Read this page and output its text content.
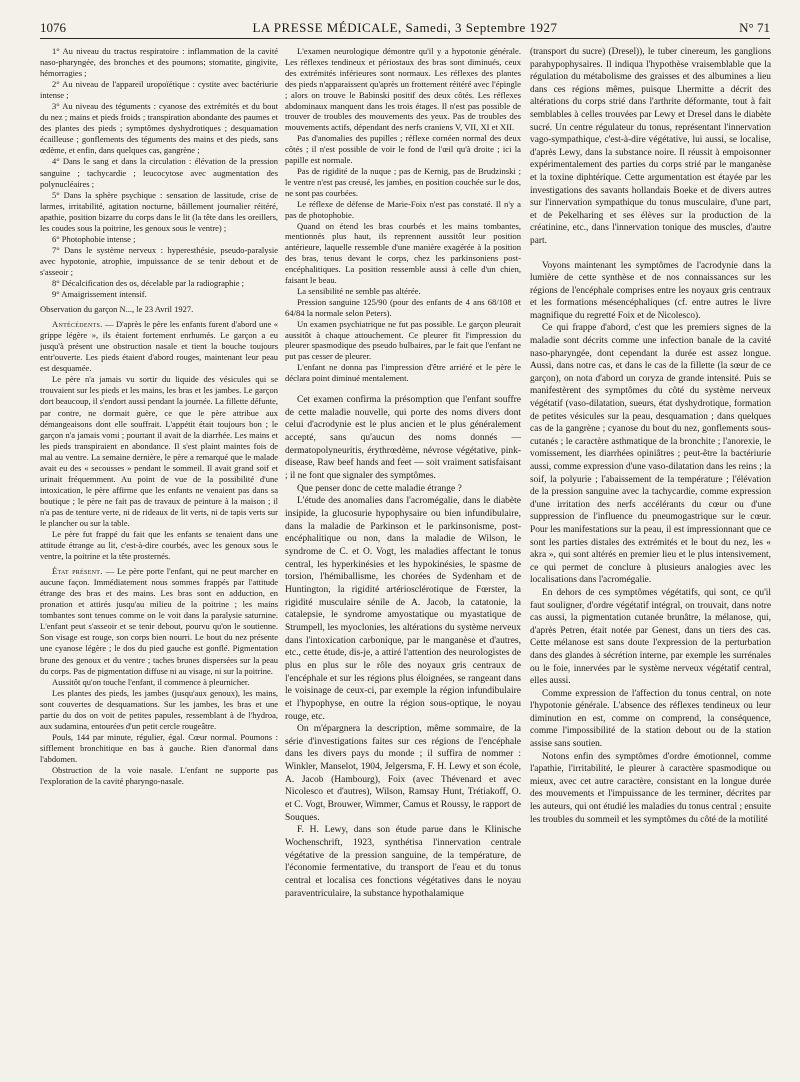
1076	LA PRESSE MÉDICALE, Samedi, 3 Septembre 1927	N° 71

1° Au niveau du tractus respiratoire : inflammation de la cavité naso-pharyngée, des bronches et des poumons; stomatite, gingivite, hémorragies ;

2° Au niveau de l'appareil uropoïétique : cystite avec bactériurie intense ;

3° Au niveau des téguments : cyanose des extrémités et du bout du nez ; mains et pieds froids ; transpiration abondante des paumes et des plantes des pieds ; symptômes dyshydrotiques ; desquamation écailleuse ; gonflements des téguments des mains et des pieds, sans œdème, et enfin, dans quelques cas, gangrène ;

4° Dans le sang et dans la circulation : élévation de la pression sanguine ; tachycardie ; leucocytose avec augmentation des polynucléaires ;

5° Dans la sphère psychique : sensation de lassitude, crise de larmes, irritabilité, agitation nocturne, bâillement journalier réitéré, apathie, position bizarre du corps dans le lit (la tête dans les oreillers, les coudes sous la poitrine, les genoux sous le ventre) ;

6° Photophobie intense ;

7° Dans le système nerveux : hyperesthésie, pseudo-paralysie avec hypotonie, atrophie, impuissance de se tenir debout et de s'asseoir ;

8° Décalcification des os, décelable par la radiographie ;

9° Amaigrissement intensif.

Observation du garçon N..., le 23 Avril 1927.

Antécédents. — D'après le père les enfants furent d'abord une « grippe légère », ils étaient fortement enrhumés. Le garçon a eu jusqu'à présent une obstruction nasale et tient la bouche toujours entr'ouverte. Les pieds étaient d'abord rouges, maintenant leur peau est desquamée.

Le père n'a jamais vu sortir du liquide des vésicules qui se trouvaient sur les pieds et les mains, les bras et les jambes. Le garçon dort beaucoup, il s'endort aussi pendant la journée. La fillette défunte, par contre, ne dormait guère, ce que le père attribue aux démangeaisons dont elle souffrait. L'appétit était toujours bon ; le garçon n'a jamais vomi ; pourtant il avait de la diarrhée. Les mains et les pieds transpiraient en abondance. Il s'est plaint maintes fois de mal au ventre. La semaine dernière, le père a remarqué que le malade avait eu des « secousses » pendant le sommeil. Il avait grand soif et urinait fréquemment. Au point de vue de la possibilité d'une intoxication, le père affirme que les enfants ne venaient pas dans sa boutique ; le père ne fait pas de travaux de peinture à la maison ; il n'a pas de tenture verte, ni de rideaux de lit verts, ni de tapis verts sur le plancher ou sur la table.

Le père fut frappé du fait que les enfants se tenaient dans une attitude étrange au lit, c'est-à-dire courbés, avec les genoux sous le ventre, la poitrine et la tête prosternés.

État présent. — Le père porte l'enfant, qui ne peut marcher en aucune façon. Immédiatement nous sommes frappés par l'attitude étrange des bras et des mains. Les bras sont en adduction, en pronation et attirés jusqu'au milieu de la poitrine ; les mains tombantes sont tenues comme on le voit dans la paralysie saturnine. L'enfant peut s'asseoir et se tenir debout, pourvu qu'on le soutienne. Son visage est rouge, son corps bien nourri. Le bout du nez présente une cyanose légère ; le dos du pied gauche est gonflé. Pigmentation brune des genoux et du ventre ; taches brunes dispersées sur la peau du corps. Pas de pigmentation diffuse ni au visage, ni sur la poitrine.

Aussitôt qu'on touche l'enfant, il commence à pleurnicher.

Les plantes des pieds, les jambes (jusqu'aux genoux), les mains, sont couvertes de desquamations. Sur les jambes, les bras et une partie du dos on voit de petites papules, ressemblant à de l'hydroa, aux sudamina, entourées d'un petit cercle rougeâtre.

Pouls, 144 par minute, régulier, égal. Cœur normal. Poumons : sifflement bronchitique en bas à gauche. Rien d'anormal dans l'abdomen.

Obstruction de la voie nasale. L'enfant ne supporte pas l'exploration de la cavité pharyngo-nasale.

L'examen neurologique démontre qu'il y a hypotonie générale. Les réflexes tendineux et périostaux des bras sont diminués, ceux des extrémités inférieures sont normaux. Les réflexes des plantes des pieds n'apparaissent qu'après un frottement réitéré avec l'épingle ; alors on trouve le Babinski positif des deux côtés. Les réflexes abdominaux manquent dans les trois étages. Il n'est pas possible de trouver de troubles des mouvements des yeux. Pas de troubles des mouvements actifs, dépendant des nerfs craniens V, VII, XI et XII.

Pas d'anomalies des pupilles ; réflexe cornéen normal des deux côtés ; il n'est possible de voir le fond de l'œil qu'à droite ; ici la papille est normale.

Pas de rigidité de la nuque ; pas de Kernig, pas de Brudzinski ; le ventre n'est pas creusé, les jambes, en position couchée sur le dos, ne sont pas courbées.

Le réflexe de défense de Marie-Foix n'est pas constaté. Il n'y a pas de photophobie.

Quand on étend les bras courbés et les mains tombantes, mentionnés plus haut, ils reprennent aussitôt leur position antérieure, laquelle ressemble d'une manière exagérée à la position des bras, tenus devant le corps, chez les parkinsoniens post-encéphalitiques. La position ressemble aussi à celle d'un chien, faisant le beau.

La sensibilité ne semble pas altérée.

Pression sanguine 125/90 (pour des enfants de 4 ans 68/108 et 64/84 la normale selon Peters).

Un examen psychiatrique ne fut pas possible. Le garçon pleurait aussitôt à chaque attouchement. Ce pleurer fit l'impression du pleurer spasmodique des pseudo bulbaires, par le fait que l'enfant ne put pas cesser de pleurer.

L'enfant ne donna pas l'impression d'être arriéré et le père le déclara point diminué mentalement.

Cet examen confirma la présomption que l'enfant souffre de cette maladie nouvelle, qui porte des noms divers dont celui d'acrodynie est le plus ancien et le plus généralement accepté, sans qu'aucun des noms donnés — dermatopolyneuritis, érythrœdème, névrose végétative, pink-disease, Raw beef hands and feet — soit vraiment satisfaisant ; il ne font que signaler des symptômes.

Que penser donc de cette maladie étrange ?

L'étude des anomalies dans l'acromégalie, dans le diabète insipide, la glucosurie hypophysaire ou bien infundibulaire, dans la maladie de Parkinson et le parkinsonisme, post-encéphalitique ou non, dans la maladie de Wilson, le syndrome de C. et O. Vogt, les maladies affectant le tonus central, les hyperkinésies et les hypokinésies, le spasme de torsion, l'hémiballisme, les chorées de Sydenham et de Huntington, la rigidité artériosclérotique de Fœrster, la rigidité musculaire sénile de A. Jacob, la catatonie, la catalepsie, le syndrome amyostatique ou myastatique de Strumpell, les myoclonies, les altérations du système nerveux dans l'intoxication carbonique, par le manganèse et d'autres, etc., cette étude, dis-je, a attiré l'attention des neurologistes de plus en plus sur le rôle des noyaux gris centraux de l'encéphale et sur les régions plus éloignées, se rangeant dans le voisinage de ceux-ci, par exemple la région infundibulaire et l'hypophyse, en outre la région sous-optique, le noyau rouge, etc.

On m'épargnera la description, même sommaire, de la série d'investigations faites sur ces régions de l'encéphale dans les divers pays du monde ; il suffira de nommer : Winkler, Manselot, 1904, Jelgersma, F. H. Lewy et son école, A. Jacob (Hambourg), Foix (avec Thévenard et avec Nicolesco et d'autres), Wilson, Ramsay Hunt, Trétiakoff, O. et C. Vogt, Brouwer, Wimmer, Camus et Roussy, le rapport de Souques.

F. H. Lewy, dans son étude parue dans le Klinische Wochenschrift, 1923, synthétisa l'innervation centrale végétative de la pression sanguine, de la température, de l'économie fermentative, du transport de l'eau et du tonus central et localisa ces fonctions végétatives dans le noyau paraventriculaire, la substance hypothalamique

(transport du sucre) (Dresel)), le tuber cinereum, les ganglions parahypophysaires. Il indiqua l'hypothèse vraisemblable que la régulation du métabolisme des graisses et des albumines a lieu dans ces régions mêmes, puisque Lhermitte a décrit des altérations du corps strié dans l'arthrite déformante, tout à fait semblables à celles trouvées par Lewy et Dresel dans le diabète sucré. Un centre régulateur du tonus, représentant l'innervation vago-sympathique, c'est-à-dire végétative, lui aussi, se localise, d'après Lewy, dans la substance noire. Il réussit à empoisonner expérimentalement des parties du corps strié par le manganèse et la toxine diphtérique. Cette argumentation est étayée par les investigations des savants hollandais Boeke et de divers autres sur l'innervation sympathique du tonus musculaire, d'une part, et de Pekelharing et ses élèves sur la production de la créatinine, etc., dans l'innervation tonique des muscles, d'autre part.

Voyons maintenant les symptômes de l'acrodynie dans la lumière de cette synthèse et de nos connaissances sur les régions de l'encéphale comprises entre les noyaux gris centraux et les formations mésencéphaliques (cf. entre autres le livre magnifique du regretté Foix et de Nicolesco).

Ce qui frappe d'abord, c'est que les premiers signes de la maladie sont décrits comme une infection banale de la cavité naso-pharyngée, dont cependant la durée est assez longue. Aussi, dans notre cas, et dans le cas de la fillette (la sœur de ce garçon), on nota d'abord un coryza de grande intensité. Puis se manifestèrent des symptômes du côté du système nerveux végétatif (vaso-dilatation, sueurs, état dyshydrotique, formation de petites vésicules sur la peau, desquamation ; dans quelques cas de la gangrène ; cyanose du bout du nez, gonflements sous-cutanés ; le caractère asthmatique de la bronchite ; l'anorexie, le vomissement, les diarrhées opiniâtres ; peut-être la bactériurie aussi, comme expression d'une vaso-dilatation dans les reins ; la soif, la polyurie ; l'abaissement de la température ; l'élévation de la pression sanguine avec la tachycardie, comme expression d'une irritation des nerfs accélérants du cœur ou d'une suppression de l'influence du pneumogastrique sur le cœur. Pour les manifestations sur la peau, il est impressionnant que ce sont les parties distales des extrémités et le bout du nez, les « akra », qui sont altérés en premier lieu et le plus intensivement, ce qui permet de conclure à plusieurs analogies avec les localisations dans l'acromégalie.

En dehors de ces symptômes végétatifs, qui sont, ce qu'il faut souligner, d'ordre végétatif intégral, on trouvait, dans notre cas aussi, la pigmentation cutanée brunâtre, la mélanose, qui, d'après Petren, était notée par Genest, dans un tiers des cas. Cette mélanose est sans doute l'expression de la perturbation dans des glandes à sécrétion interne, par exemple les surrénales ou le foie, innervées par le système nerveux végétatif central, elles aussi.

Comme expression de l'affection du tonus central, on note l'hypotonie générale. L'absence des réflexes tendineux ou leur diminution en est, comme on comprend, la conséquence, comme l'impossibilité de la station debout ou de la station assise sans soutien.

Notons enfin des symptômes d'ordre émotionnel, comme l'apathie, l'irritabilité, le pleurer à caractère spasmodique ou mieux, avec cet autre caractère, consistant en la longue durée des mouvements et l'impuissance de les terminer, décrites par les auteurs, qui ont étudié les maladies du tonus central ; ensuite les troubles du sommeil et les symptômes du côté de la motilité
